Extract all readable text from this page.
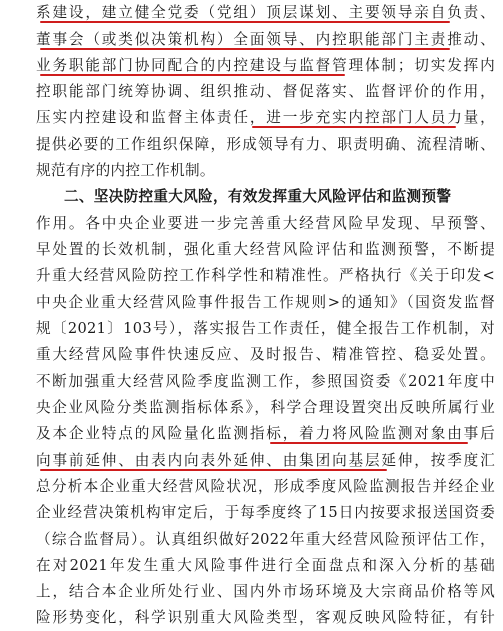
系建设，建立健全党委（党组）顶层谋划、主要领导亲自负责、
董事会（或类似决策机构）全面领导、内控职能部门主责推动、
业务职能部门协同配合的内控建设与监督管理体制；切实发挥内
控职能部门统筹协调、组织推动、督促落实、监督评价的作用，
压实内控建设和监督主体责任，进一步充实内控部门人员力量，
提供必要的工作组织保障，形成领导有力、职责明确、流程清晰、
规范有序的内控工作机制。
二、坚决防控重大风险，有效发挥重大风险评估和监测预警
作用。各中央企业要进一步完善重大经营风险早发现、早预警、
早处置的长效机制，强化重大经营风险评估和监测预警，不断提
升重大经营风险防控工作科学性和精准性。严格执行《关于印发<
中央企业重大经营风险事件报告工作规则>的通知》（国资发监督
规〔2021〕103号），落实报告工作责任，健全报告工作机制，对
重大经营风险事件快速反应、及时报告、精准管控、稳妥处置。
不断加强重大经营风险季度监测工作，参照国资委《2021年度中
央企业风险分类监测指标体系》，科学合理设置突出反映所属行业
及本企业特点的风险量化监测指标，着力将风险监测对象由事后
向事前延伸、由表内向表外延伸、由集团向基层延伸，按季度汇
总分析本企业重大经营风险状况，形成季度风险监测报告并经企业
企业经营决策机构审定后，于每季度终了15日内按要求报送国资委
（综合监督局）。认真组织做好2022年重大经营风险预评估工作，
在对2021年发生重大风险事件进行全面盘点和深入分析的基础
上，结合本企业所处行业、国内外市场环境及大宗商品价格等风
险形势变化，科学识别重大风险类型，客观反映风险特征，有针
